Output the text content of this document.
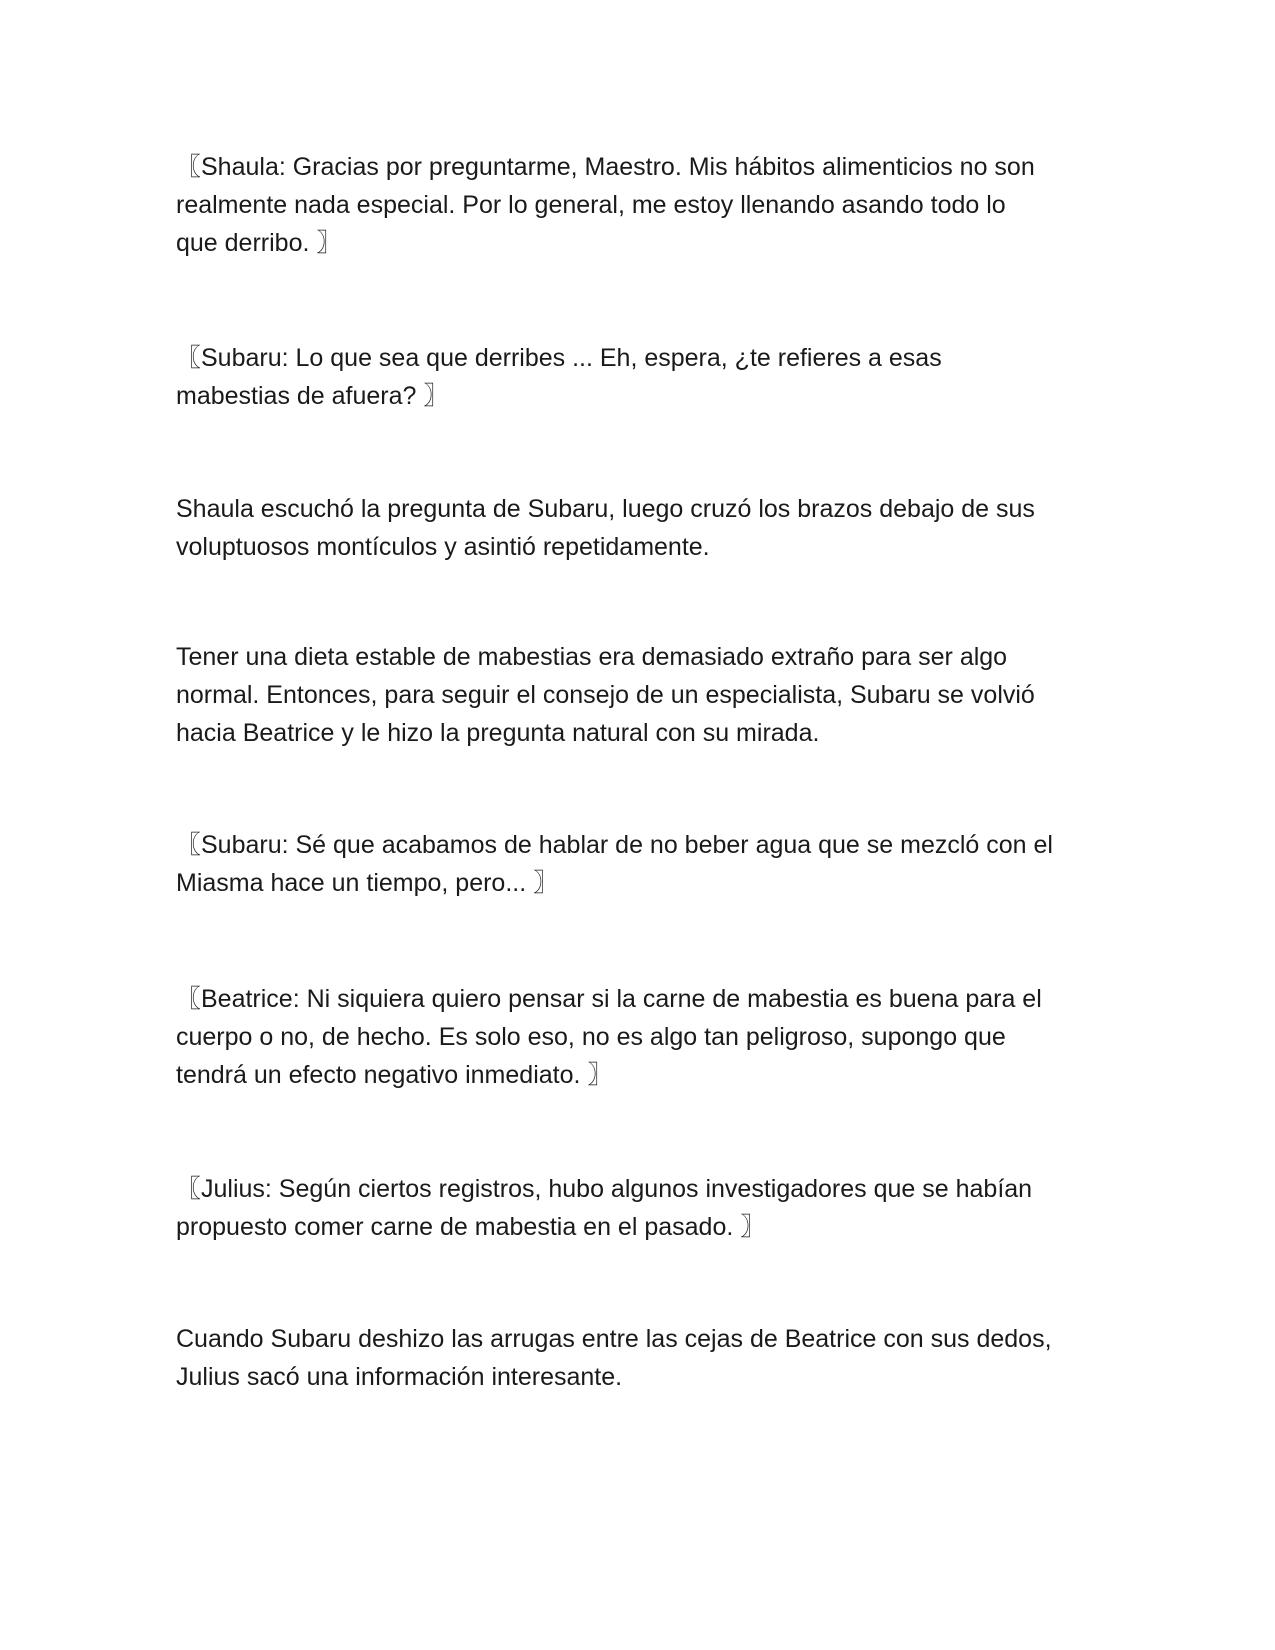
〖Shaula: Gracias por preguntarme, Maestro. Mis hábitos alimenticios no son
realmente nada especial. Por lo general, me estoy llenando asando todo lo
que derribo. 〗

〖Subaru: Lo que sea que derribes ... Eh, espera, ¿te refieres a esas
mabestias de afuera? 〗

Shaula escuchó la pregunta de Subaru, luego cruzó los brazos debajo de sus
voluptuosos montículos y asintió repetidamente.

Tener una dieta estable de mabestias era demasiado extraño para ser algo
normal. Entonces, para seguir el consejo de un especialista, Subaru se volvió
hacia Beatrice y le hizo la pregunta natural con su mirada.

〖Subaru: Sé que acabamos de hablar de no beber agua que se mezcló con el
Miasma hace un tiempo, pero... 〗

〖Beatrice: Ni siquiera quiero pensar si la carne de mabestia es buena para el
cuerpo o no, de hecho. Es solo eso, no es algo tan peligroso, supongo que
tendrá un efecto negativo inmediato. 〗

〖Julius: Según ciertos registros, hubo algunos investigadores que se habían
propuesto comer carne de mabestia en el pasado. 〗

Cuando Subaru deshizo las arrugas entre las cejas de Beatrice con sus dedos,
Julius sacó una información interesante.
